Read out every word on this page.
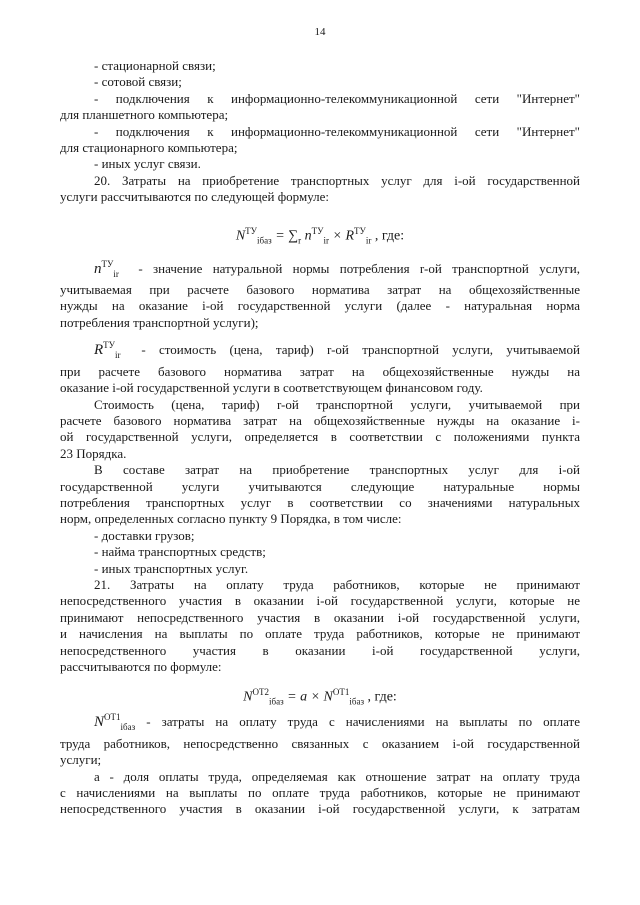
14
- стационарной связи;
- сотовой связи;
- подключения к информационно-телекоммуникационной сети "Интернет"
для планшетного компьютера;
- подключения к информационно-телекоммуникационной сети "Интернет"
для стационарного компьютера;
- иных услуг связи.
20. Затраты на приобретение транспортных услуг для i-ой государственной
услуги рассчитываются по следующей формуле:
$N^{ТУ}_{iбаз} = \sum_r$ $n^{ТУ}_{ir} \times R^{ТУ}_{ir}$ , где:
$n^{ТУ}_{ir}$ - значение натуральной нормы потребления r-ой транспортной услуги,
учитываемая при расчете базового норматива затрат на общехозяйственные
нужды на оказание i-ой государственной услуги (далее - натуральная норма
потребления транспортной услуги);
$R^{ТУ}_{ir}$ - стоимость (цена, тариф) r-ой транспортной услуги, учитываемой
при расчете базового норматива затрат на общехозяйственные нужды на
оказание i-ой государственной услуги в соответствующем финансовом году.
Стоимость (цена, тариф) r-ой транспортной услуги, учитываемой при
расчете базового норматива затрат на общехозяйственные нужды на оказание i-
ой государственной услуги, определяется в соответствии с положениями пункта
23 Порядка.
В составе затрат на приобретение транспортных услуг для i-ой
государственной услуги учитываются следующие натуральные нормы
потребления транспортных услуг в соответствии со значениями натуральных
норм, определенных согласно пункту 9 Порядка, в том числе:
- доставки грузов;
- найма транспортных средств;
- иных транспортных услуг.
21. Затраты на оплату труда работников, которые не принимают
непосредственного участия в оказании i-ой государственной услуги, которые не
принимают непосредственного участия в оказании i-ой государственной услуги,
и начисления на выплаты по оплате труда работников, которые не принимают
непосредственного участия в оказании i-ой государственной услуги,
рассчитываются по формуле:
$N^{ОТ2}_{iбаз} = a \times N^{ОТ1}_{iбаз}$ , где:
$N^{ОТ1}_{iбаз}$ - затраты на оплату труда с начислениями на выплаты по оплате
труда работников, непосредственно связанных с оказанием i-ой государственной
услуги;
а - доля оплаты труда, определяемая как отношение затрат на оплату труда
с начислениями на выплаты по оплате труда работников, которые не принимают
непосредственного участия в оказании i-ой государственной услуги, к затратам
